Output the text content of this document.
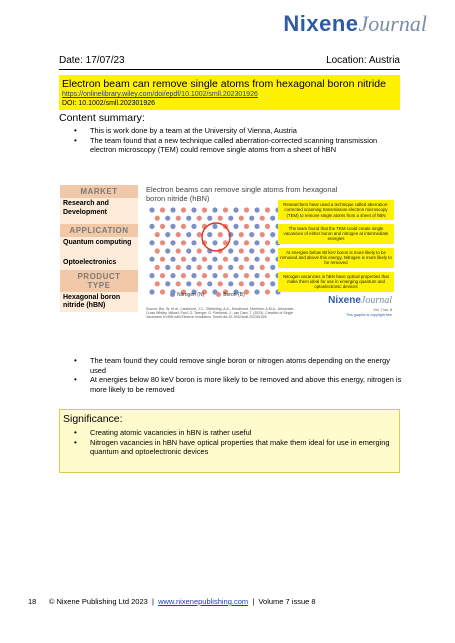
NixeneJournal
Date: 17/07/23	Location: Austria
Electron beam can remove single atoms from hexagonal boron nitride
https://onlinelibrary.wiley.com/doi/epdf/10.1002/smll.202301926
DOI: 10.1002/smll.202301926
Content summary:
• This is work done by a team at the University of Vienna, Austria
• The team found that a new technique called aberration-corrected scanning transmission electron microscopy (TEM) could remove single atoms from a sheet of hBN
MARKET
Research and Development
APPLICATION
Quantum computing
Optoelectronics
PRODUCT TYPE
Hexagonal boron nitride (hBN)
Electron beams can remove single atoms from hexagonal boron nitride (hBN)
Nitrogen (N)	Boron (B)
Researchers have used a technique called aberration-corrected scanning transmission electron microscopy (TEM) to remove single atoms from a sheet of hBN
The team found that the TEM could create single vacancies of either boron and nitrogen at intermediate energies
At energies below 80 keV boron is more likely to be removed and above this energy, Nitrogen is more likely to be removed
Nitrogen vacancies in hBN have optical properties that make them ideal for use in emerging quantum and optoelectronic devices
Source: Bui, W. et al., Lankhorst, J.C., Stiebeling, A.A., Monkhorst, Mortimer, A.M.A., Alexander-Cross Whitby. Mikael, Paul, G. Tsenger, G. Fireheart, J., van Dam, T. (2023). Creation of Single Vacancies in hBN with Electron Irradiation. Small doi:10.1002/smll.202301926
NixeneJournal
Vol. 7 Iss. 8
This graphic is copyright free
• The team found they could remove single boron or nitrogen atoms depending on the energy used
• At energies below 80 keV boron is more likely to be removed and above this energy, nitrogen is more likely to be removed
Significance:
• Creating atomic vacancies in hBN is rather useful
• Nitrogen vacancies in hBN have optical properties that make them ideal for use in emerging quantum and optoelectronic devices
18 © Nixene Publishing Ltd 2023 | www.nixenepublishing.com | Volume 7 issue 8
